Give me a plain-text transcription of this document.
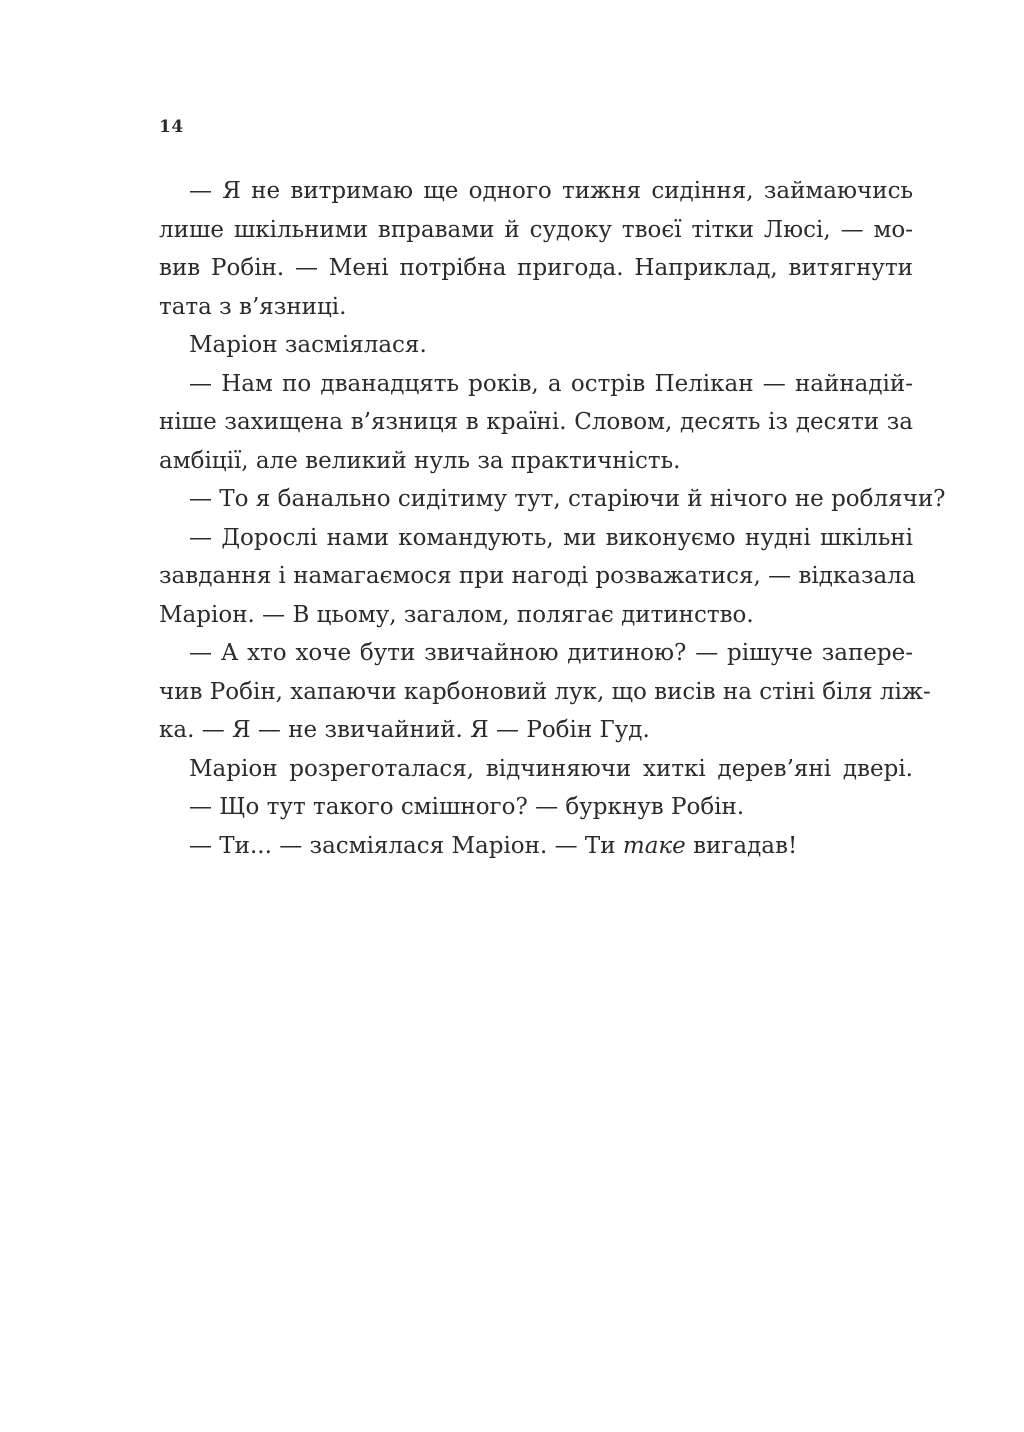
14
— Я не витримаю ще одного тижня сидіння, займаючись
лише шкільними вправами й судоку твоєї тітки Люсі, — мо-
вив Робін. — Мені потрібна пригода. Наприклад, витягнути
тата з в’язниці.
Маріон засміялася.
— Нам по дванадцять років, а острів Пелікан — найнадій-
ніше захищена в’язниця в країні. Словом, десять із десяти за
амбіції, але великий нуль за практичність.
— То я банально сидітиму тут, старіючи й нічого не роблячи?
— Дорослі нами командують, ми виконуємо нудні шкільні
завдання і намагаємося при нагоді розважатися, — відказала
Маріон. — В цьому, загалом, полягає дитинство.
— А хто хоче бути звичайною дитиною? — рішуче запере-
чив Робін, хапаючи карбоновий лук, що висів на стіні біля ліж-
ка. — Я — не звичайний. Я — Робін Гуд.
Маріон розреготалася, відчиняючи хиткі дерев’яні двері.
— Що тут такого смішного? — буркнув Робін.
— Ти... — засміялася Маріон. — Ти таке вигадав!
